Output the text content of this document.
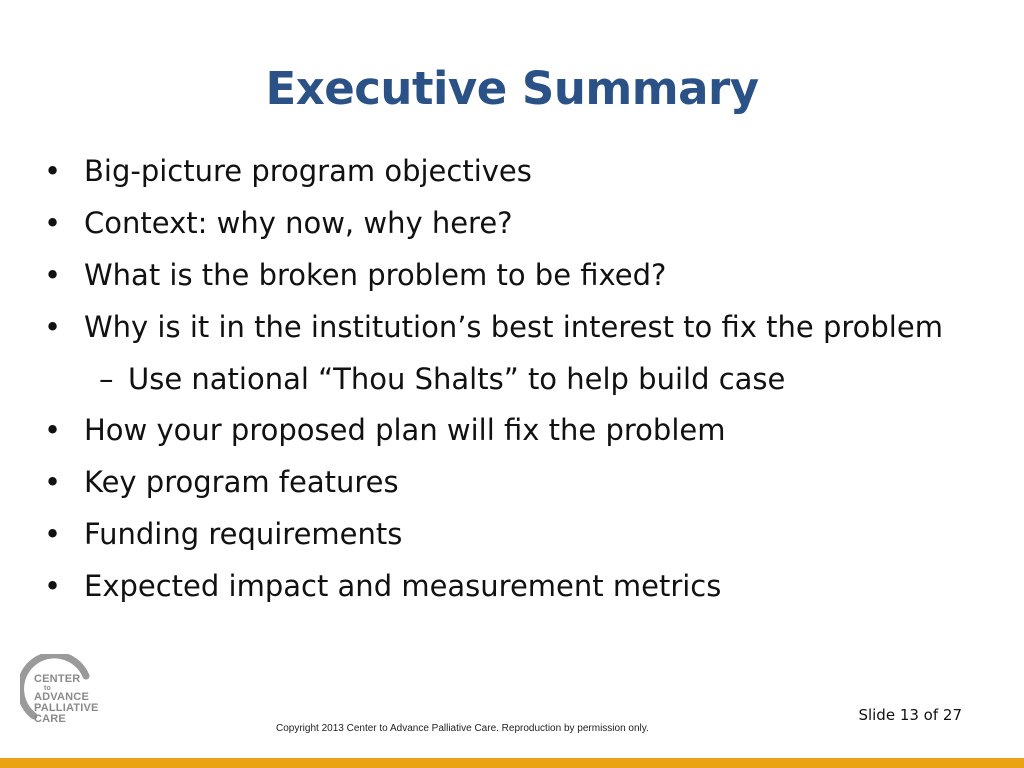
Executive Summary
• Big-picture program objectives
• Context: why now, why here?
• What is the broken problem to be fixed?
• Why is it in the institution’s best interest to fix the problem
– Use national “Thou Shalts” to help build case
• How your proposed plan will fix the problem
• Key program features
• Funding requirements
• Expected impact and measurement metrics
CENTER
to
ADVANCE
PALLIATIVE
CARE	Slide 13 of 27
Copyright 2013 Center to Advance Palliative Care. Reproduction by permission only.
